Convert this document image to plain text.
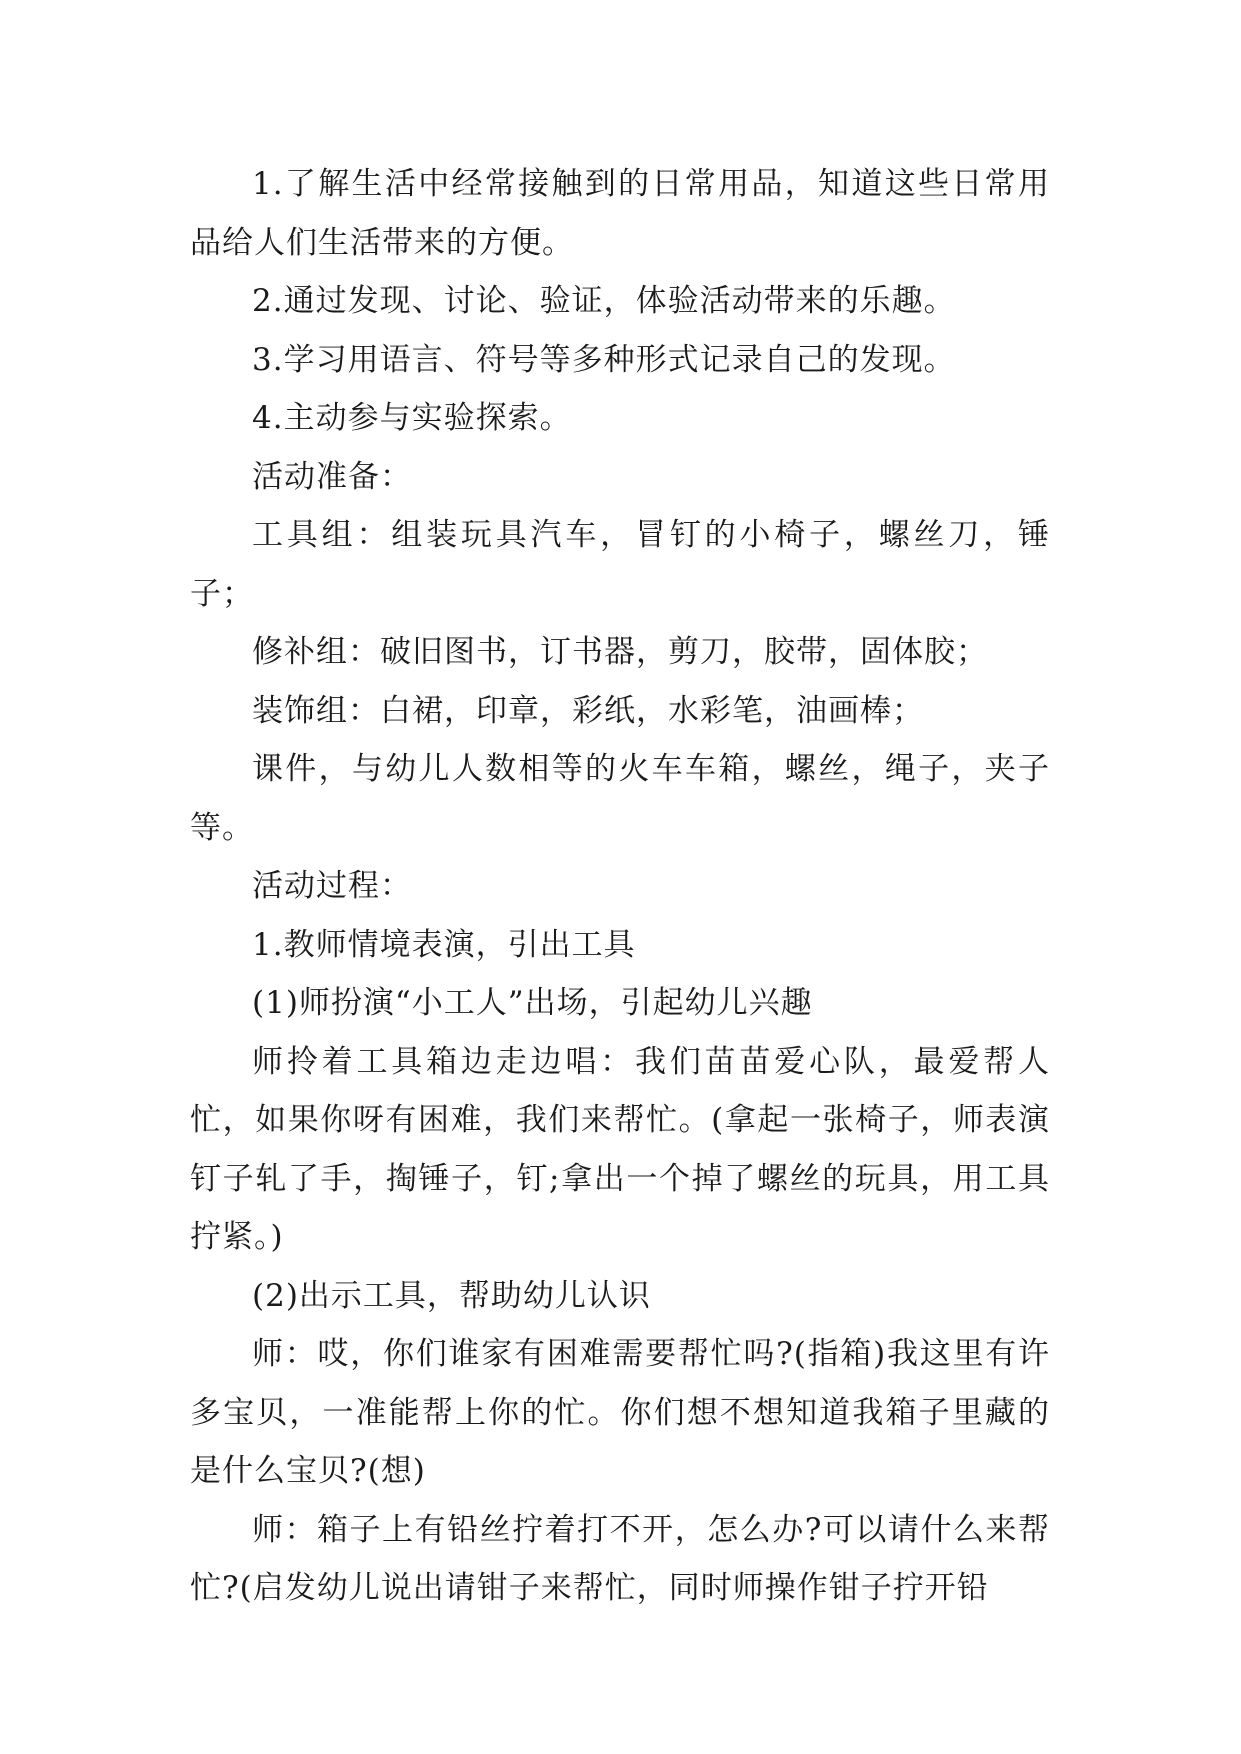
1.了解生活中经常接触到的日常用品，知道这些日常用品给人们生活带来的方便。

2.通过发现、讨论、验证，体验活动带来的乐趣。

3.学习用语言、符号等多种形式记录自己的发现。

4.主动参与实验探索。

活动准备：

工具组：组装玩具汽车，冒钉的小椅子，螺丝刀，锤子；

修补组：破旧图书，订书器，剪刀，胶带，固体胶；

装饰组：白裙，印章，彩纸，水彩笔，油画棒；

课件，与幼儿人数相等的火车车箱，螺丝，绳子，夹子等。

活动过程：

1.教师情境表演，引出工具

(1)师扮演“小工人”出场，引起幼儿兴趣

师拎着工具箱边走边唱：我们苗苗爱心队，最爱帮人忙，如果你呀有困难，我们来帮忙。(拿起一张椅子，师表演钉子轧了手，掏锤子，钉;拿出一个掉了螺丝的玩具，用工具拧紧。)

(2)出示工具，帮助幼儿认识

师：哎，你们谁家有困难需要帮忙吗?(指箱)我这里有许多宝贝，一准能帮上你的忙。你们想不想知道我箱子里藏的是什么宝贝?(想)

师：箱子上有铅丝拧着打不开，怎么办?可以请什么来帮忙?(启发幼儿说出请钳子来帮忙，同时师操作钳子拧开铅
